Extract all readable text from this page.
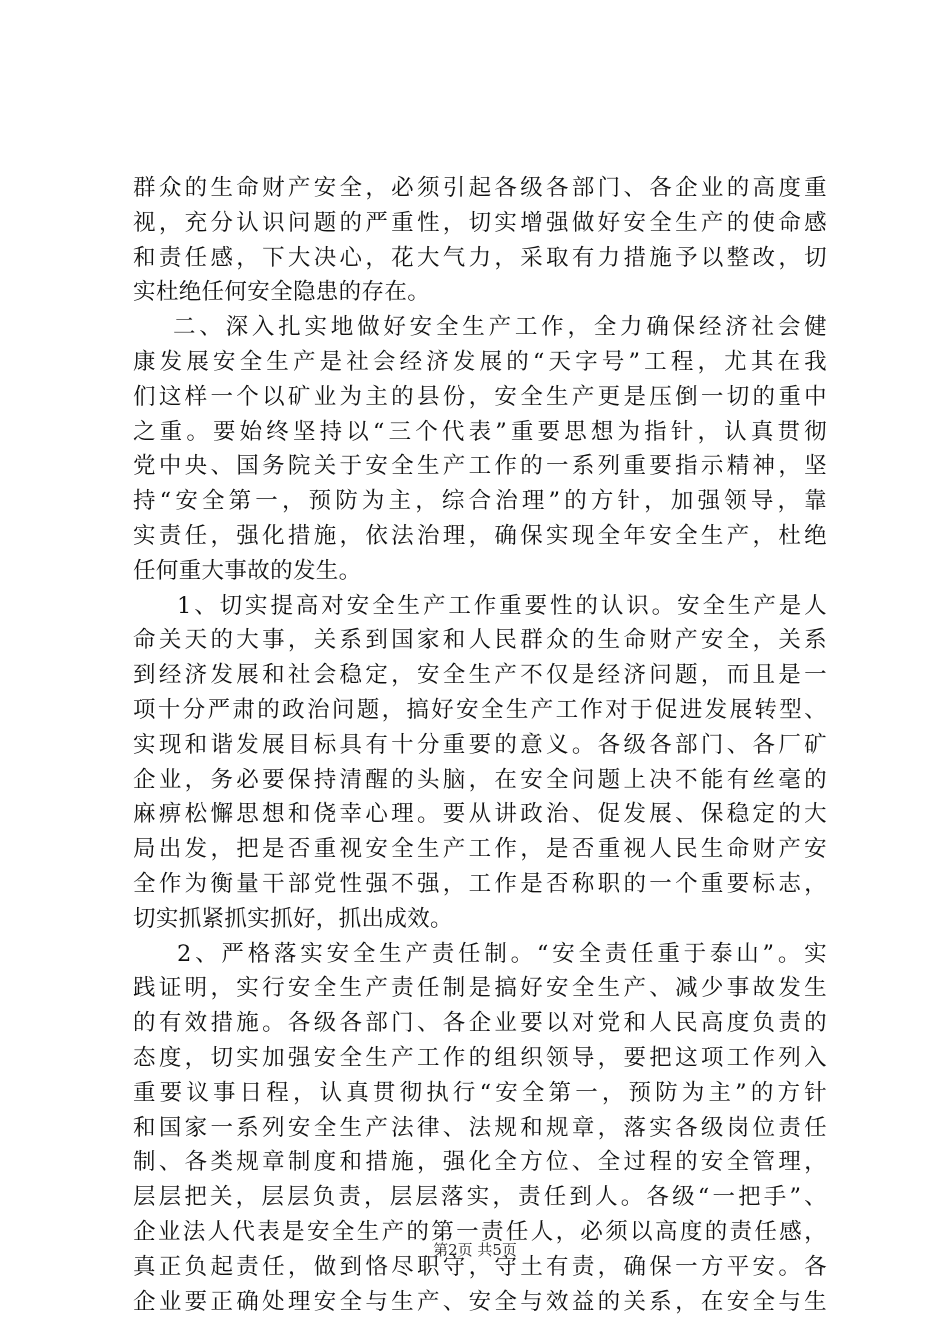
群众的生命财产安全，必须引起各级各部门、各企业的高度重
视，充分认识问题的严重性，切实增强做好安全生产的使命感
和责任感，下大决心，花大气力，采取有力措施予以整改，切
实杜绝任何安全隐患的存在。
二、深入扎实地做好安全生产工作，全力确保经济社会健
康发展安全生产是社会经济发展的“天字号”工程，尤其在我
们这样一个以矿业为主的县份，安全生产更是压倒一切的重中
之重。要始终坚持以“三个代表”重要思想为指针，认真贯彻
党中央、国务院关于安全生产工作的一系列重要指示精神，坚
持“安全第一，预防为主，综合治理”的方针，加强领导，靠
实责任，强化措施，依法治理，确保实现全年安全生产，杜绝
任何重大事故的发生。
1、切实提高对安全生产工作重要性的认识。安全生产是人
命关天的大事，关系到国家和人民群众的生命财产安全，关系
到经济发展和社会稳定，安全生产不仅是经济问题，而且是一
项十分严肃的政治问题，搞好安全生产工作对于促进发展转型、
实现和谐发展目标具有十分重要的意义。各级各部门、各厂矿
企业，务必要保持清醒的头脑，在安全问题上决不能有丝毫的
麻痹松懈思想和侥幸心理。要从讲政治、促发展、保稳定的大
局出发，把是否重视安全生产工作，是否重视人民生命财产安
全作为衡量干部党性强不强，工作是否称职的一个重要标志，
切实抓紧抓实抓好，抓出成效。
2、严格落实安全生产责任制。“安全责任重于泰山”。实
践证明，实行安全生产责任制是搞好安全生产、减少事故发生
的有效措施。各级各部门、各企业要以对党和人民高度负责的
态度，切实加强安全生产工作的组织领导，要把这项工作列入
重要议事日程，认真贯彻执行“安全第一，预防为主”的方针
和国家一系列安全生产法律、法规和规章，落实各级岗位责任
制、各类规章制度和措施，强化全方位、全过程的安全管理，
层层把关，层层负责，层层落实，责任到人。各级“一把手”、
企业法人代表是安全生产的第一责任人，必须以高度的责任感，
真正负起责任，做到恪尽职守，守土有责，确保一方平安。各
企业要正确处理安全与生产、安全与效益的关系，在安全与生
第2页 共5页
